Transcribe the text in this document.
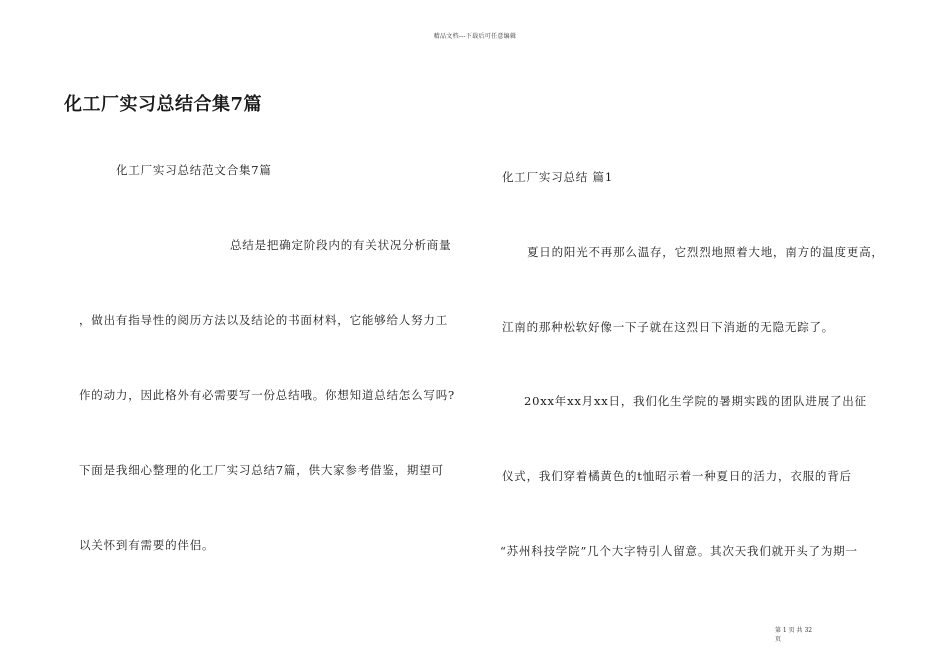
精品文档---下载后可任意编辑
化工厂实习总结合集7篇
化工厂实习总结范文合集7篇
总结是把确定阶段内的有关状况分析商量
，做出有指导性的阅历方法以及结论的书面材料，它能够给人努力工
作的动力，因此格外有必需要写一份总结哦。你想知道总结怎么写吗?
下面是我细心整理的化工厂实习总结7篇，供大家参考借鉴，期望可
以关怀到有需要的伴侣。
化工厂实习总结 篇1
夏日的阳光不再那么温存，它烈烈地照着大地，南方的温度更高，
江南的那种松软好像一下子就在这烈日下消逝的无隐无踪了。
20xx年xx月xx日，我们化生学院的暑期实践的团队进展了出征
仪式，我们穿着橘黄色的t恤昭示着一种夏日的活力，衣服的背后
“苏州科技学院”几个大字特引人留意。其次天我们就开头了为期一
第 1 页 共 32
页
